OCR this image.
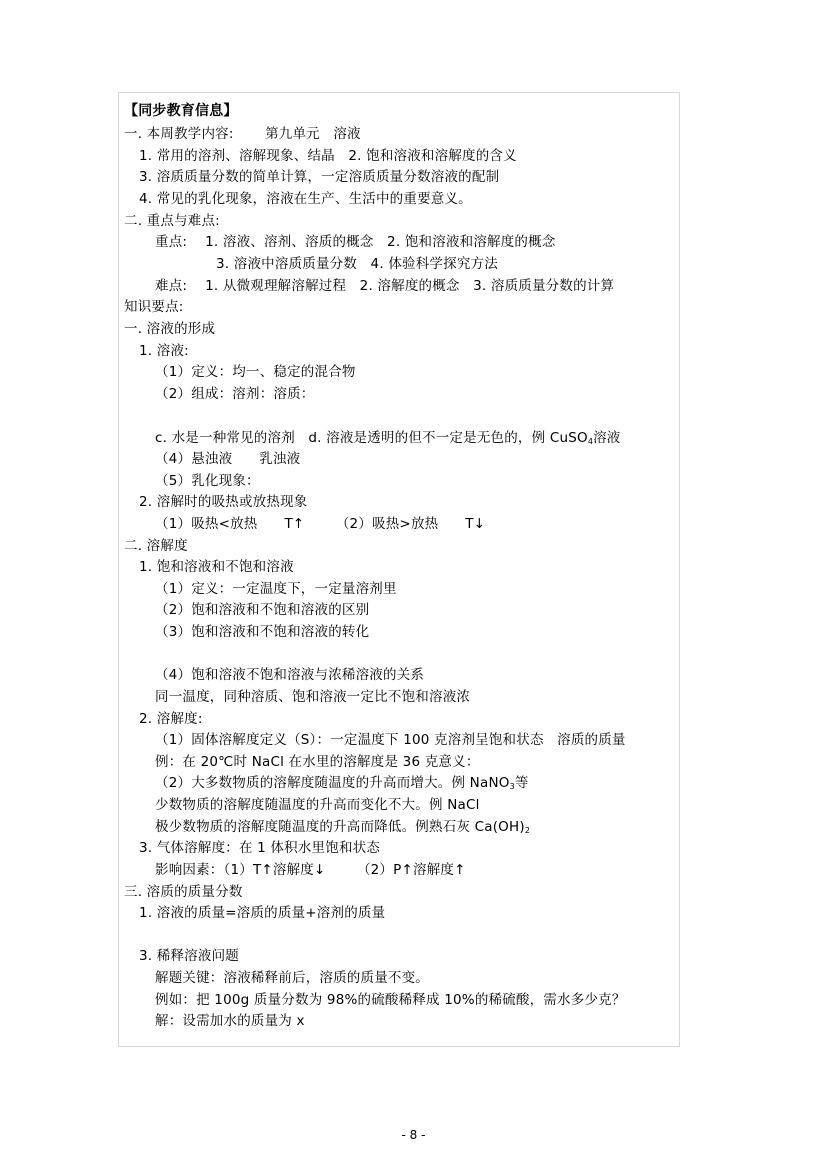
【同步教育信息】
一. 本周教学内容:       第九单元   溶液
1. 常用的溶剂、溶解现象、结晶   2. 饱和溶液和溶解度的含义
3. 溶质质量分数的简单计算，一定溶质质量分数溶液的配制
4. 常见的乳化现象，溶液在生产、生活中的重要意义。
二. 重点与难点:
重点:    1. 溶液、溶剂、溶质的概念   2. 饱和溶液和溶解度的概念
3. 溶液中溶质质量分数   4. 体验科学探究方法
难点:    1. 从微观理解溶解过程   2. 溶解度的概念   3. 溶质质量分数的计算
知识要点:
一. 溶液的形成
1. 溶液:
（1）定义：均一、稳定的混合物
（2）组成：溶剂：溶质：
c. 水是一种常见的溶剂   d. 溶液是透明的但不一定是无色的，例 CuSO$_4$溶液
（4）悬浊液      乳浊液
（5）乳化现象：
2. 溶解时的吸热或放热现象
（1）吸热<放热      T↑       （2）吸热>放热      T↓
二. 溶解度
1. 饱和溶液和不饱和溶液
（1）定义：一定温度下，一定量溶剂里
（2）饱和溶液和不饱和溶液的区别
（3）饱和溶液和不饱和溶液的转化
（4）饱和溶液不饱和溶液与浓稀溶液的关系
同一温度，同种溶质、饱和溶液一定比不饱和溶液浓
2. 溶解度:
（1）固体溶解度定义（S）：一定温度下 100 克溶剂呈饱和状态   溶质的质量
例：在 20℃时 NaCl 在水里的溶解度是 36 克意义：
（2）大多数物质的溶解度随温度的升高而增大。例 NaNO$_3$等
少数物质的溶解度随温度的升高而变化不大。例 NaCl
极少数物质的溶解度随温度的升高而降低。例熟石灰 $Ca(OH)_2$
3. 气体溶解度：在 1 体积水里饱和状态
影响因素：（1）T↑溶解度↓       （2）P↑溶解度↑
三. 溶质的质量分数
1. 溶液的质量=溶质的质量+溶剂的质量
3. 稀释溶液问题
解题关键：溶液稀释前后，溶质的质量不变。
例如：把 100g 质量分数为 98%的硫酸稀释成 10%的稀硫酸，需水多少克？
解：设需加水的质量为 x
- 8 -
